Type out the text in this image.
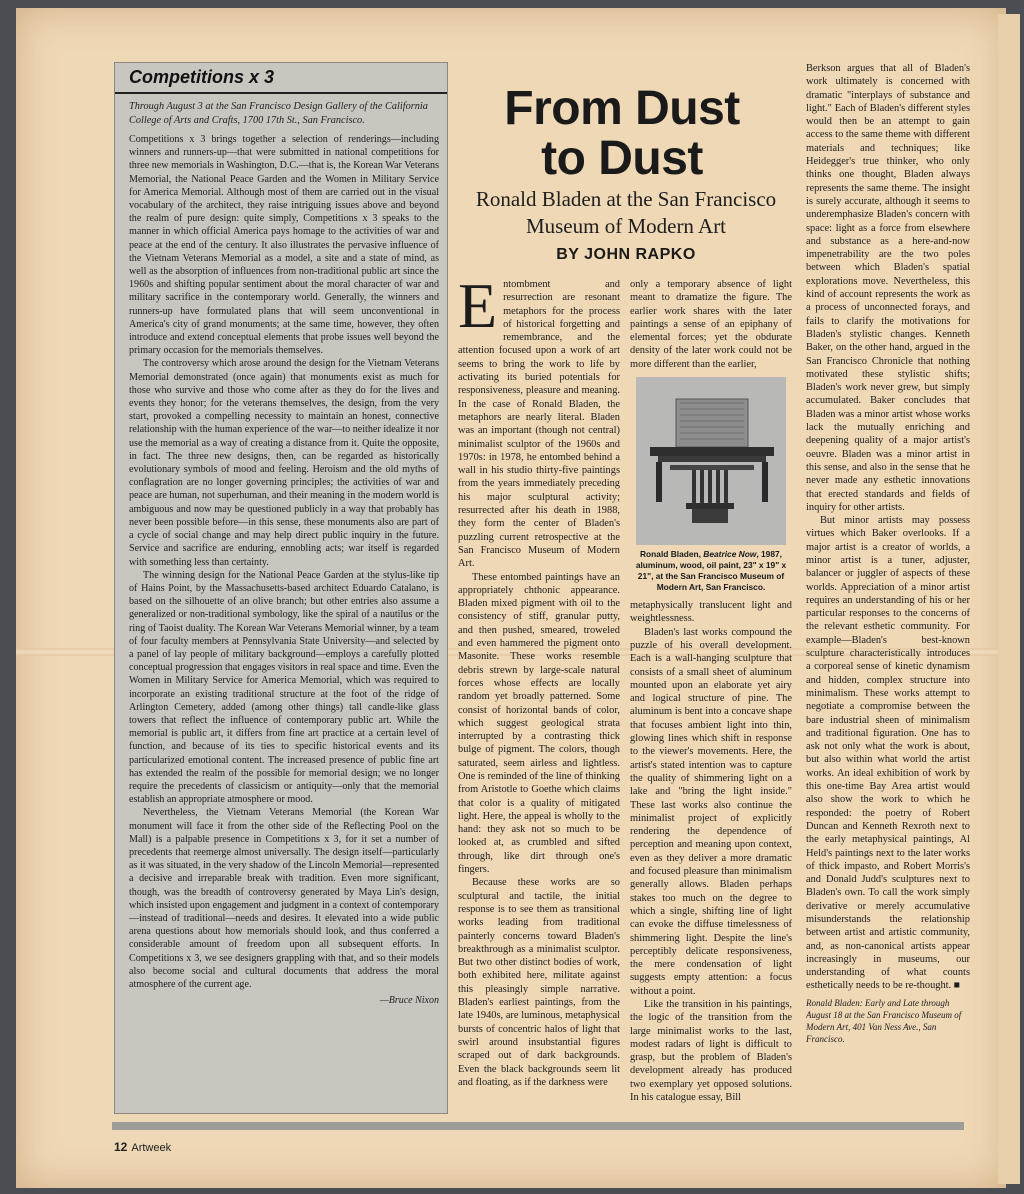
Competitions x 3
Through August 3 at the San Francisco Design Gallery of the California College of Arts and Crafts, 1700 17th St., San Francisco.

Competitions x 3 brings together a selection of renderings—including winners and runners-up—that were submitted in national competitions for three new memorials in Washington, D.C.—that is, the Korean War Veterans Memorial, the National Peace Garden and the Women in Military Service for America Memorial. Although most of them are carried out in the visual vocabulary of the architect, they raise intriguing issues above and beyond the realm of pure design: quite simply, Competitions x 3 speaks to the manner in which official America pays homage to the activities of war and peace at the end of the century. It also illustrates the pervasive influence of the Vietnam Veterans Memorial as a model, a site and a state of mind, as well as the absorption of influences from non-traditional public art since the 1960s and shifting popular sentiment about the moral character of war and military sacrifice in the contemporary world. Generally, the winners and runners-up have formulated plans that will seem unconventional in America's city of grand monuments; at the same time, however, they often introduce and extend conceptual elements that probe issues well beyond the primary occasion for the memorials themselves.

The controversy which arose around the design for the Vietnam Veterans Memorial demonstrated (once again) that monuments exist as much for those who survive and those who come after as they do for the lives and events they honor; for the veterans themselves, the design, from the very start, provoked a compelling necessity to maintain an honest, connective relationship with the human experience of the war—to neither idealize it nor use the memorial as a way of creating a distance from it. Quite the opposite, in fact. The three new designs, then, can be regarded as historically evolutionary symbols of mood and feeling. Heroism and the old myths of conflagration are no longer governing principles; the activities of war and peace are human, not superhuman, and their meaning in the modern world is ambiguous and now may be questioned publicly in a way that probably has never been possible before—in this sense, these monuments also are part of a cycle of social change and may help direct public inquiry in the future. Service and sacrifice are enduring, ennobling acts; war itself is regarded with something less than certainty.

The winning design for the National Peace Garden at the stylus-like tip of Hains Point, by the Massachusetts-based architect Eduardo Catalano, is based on the silhouette of an olive branch; but other entries also assume a generalized or non-traditional symbology, like the spiral of a nautilus or the ring of Taoist duality. The Korean War Veterans Memorial winner, by a team of four faculty members at Pennsylvania State University—and selected by a panel of lay people of military background—employs a carefully plotted conceptual progression that engages visitors in real space and time. Even the Women in Military Service for America Memorial, which was required to incorporate an existing traditional structure at the foot of the ridge of Arlington Cemetery, added (among other things) tall candle-like glass towers that reflect the influence of contemporary public art. While the memorial is public art, it differs from fine art practice at a certain level of function, and because of its ties to specific historical events and its particularized emotional content. The increased presence of public fine art has extended the realm of the possible for memorial design; we no longer require the precedents of classicism or antiquity—only that the memorial establish an appropriate atmosphere or mood.

Nevertheless, the Vietnam Veterans Memorial (the Korean War monument will face it from the other side of the Reflecting Pool on the Mall) is a palpable presence in Competitions x 3, for it set a number of precedents that reemerge almost universally. The design itself—particularly as it was situated, in the very shadow of the Lincoln Memorial—represented a decisive and irreparable break with tradition. Even more significant, though, was the breadth of controversy generated by Maya Lin's design, which insisted upon engagement and judgment in a context of contemporary—instead of traditional—needs and desires. It elevated into a wide public arena questions about how memorials should look, and thus conferred a considerable amount of freedom upon all subsequent efforts. In Competitions x 3, we see designers grappling with that, and so their models also become social and cultural documents that address the moral atmosphere of the current age.

—Bruce Nixon
From Dust
to Dust
Ronald Bladen at the San Francisco Museum of Modern Art
BY JOHN RAPKO

Entombment and resurrection are resonant metaphors for the process of historical forgetting and remembrance, and the attention focused upon a work of art seems to bring the work to life by activating its buried potentials for responsiveness, pleasure and meaning. In the case of Ronald Bladen, the metaphors are nearly literal. Bladen was an important (though not central) minimalist sculptor of the 1960s and 1970s: in 1978, he entombed behind a wall in his studio thirty-five paintings from the years immediately preceding his major sculptural activity; resurrected after his death in 1988, they form the center of Bladen's puzzling current retrospective at the San Francisco Museum of Modern Art.

These entombed paintings have an appropriately chthonic appearance. Bladen mixed pigment with oil to the consistency of stiff, granular putty, and then pushed, smeared, troweled and even hammered the pigment onto Masonite. These works resemble debris strewn by large-scale natural forces whose effects are locally random yet broadly patterned. Some consist of horizontal bands of color, which suggest geological strata interrupted by a contrasting thick bulge of pigment. The colors, though saturated, seem airless and lightless. One is reminded of the line of thinking from Aristotle to Goethe which claims that color is a quality of mitigated light. Here, the appeal is wholly to the hand: they ask not so much to be looked at, as crumbled and sifted through, like dirt through one's fingers.

Because these works are so sculptural and tactile, the initial response is to see them as transitional works leading from traditional painterly concerns toward Bladen's breakthrough as a minimalist sculptor. But two other distinct bodies of work, both exhibited here, militate against this pleasingly simple narrative. Bladen's earliest paintings, from the late 1940s, are luminous, metaphysical bursts of concentric halos of light that swirl around insubstantial figures scraped out of dark backgrounds. Even the black backgrounds seem lit and floating, as if the darkness were

only a temporary absence of light meant to dramatize the figure. The earlier work shares with the later paintings a sense of an epiphany of elemental forces; yet the obdurate density of the later work could not be more different than the earlier,

Ronald Bladen, Beatrice Now, 1987, aluminum, wood, oil paint, 23" x 19" x 21", at the San Francisco Museum of Modern Art, San Francisco.

metaphysically translucent light and weightlessness.

Bladen's last works compound the puzzle of his overall development. Each is a wall-hanging sculpture that consists of a small sheet of aluminum mounted upon an elaborate yet airy and logical structure of pine. The aluminum is bent into a concave shape that focuses ambient light into thin, glowing lines which shift in response to the viewer's movements. Here, the artist's stated intention was to capture the quality of shimmering light on a lake and "bring the light inside." These last works also continue the minimalist project of explicitly rendering the dependence of perception and meaning upon context, even as they deliver a more dramatic and focused pleasure than minimalism generally allows. Bladen perhaps stakes too much on the degree to which a single, shifting line of light can evoke the diffuse timelessness of shimmering light. Despite the line's perceptibly delicate responsiveness, the mere condensation of light suggests empty attention: a focus without a point.

Like the transition in his paintings, the logic of the transition from the large minimalist works to the last, modest radars of light is difficult to grasp, but the problem of Bladen's development already has produced two exemplary yet opposed solutions. In his catalogue essay, Bill

Berkson argues that all of Bladen's work ultimately is concerned with dramatic "interplays of substance and light." Each of Bladen's different styles would then be an attempt to gain access to the same theme with different materials and techniques; like Heidegger's true thinker, who only thinks one thought, Bladen always represents the same theme. The insight is surely accurate, although it seems to underemphasize Bladen's concern with space: light as a force from elsewhere and substance as a here-and-now impenetrability are the two poles between which Bladen's spatial explorations move. Nevertheless, this kind of account represents the work as a process of unconnected forays, and fails to clarify the motivations for Bladen's stylistic changes. Kenneth Baker, on the other hand, argued in the San Francisco Chronicle that nothing motivated these stylistic shifts; Bladen's work never grew, but simply accumulated. Baker concludes that Bladen was a minor artist whose works lack the mutually enriching and deepening quality of a major artist's oeuvre. Bladen was a minor artist in this sense, and also in the sense that he never made any esthetic innovations that erected standards and fields of inquiry for other artists.

But minor artists may possess virtues which Baker overlooks. If a major artist is a creator of worlds, a minor artist is a tuner, adjuster, balancer or juggler of aspects of these worlds. Appreciation of a minor artist requires an understanding of his or her particular responses to the concerns of the relevant esthetic community. For example—Bladen's best-known sculpture characteristically introduces a corporeal sense of kinetic dynamism and hidden, complex structure into minimalism. These works attempt to negotiate a compromise between the bare industrial sheen of minimalism and traditional figuration. One has to ask not only what the work is about, but also within what world the artist works. An ideal exhibition of work by this one-time Bay Area artist would also show the work to which he responded: the poetry of Robert Duncan and Kenneth Rexroth next to the early metaphysical paintings, Al Held's paintings next to the later works of thick impasto, and Robert Morris's and Donald Judd's sculptures next to Bladen's own. To call the work simply derivative or merely accumulative misunderstands the relationship between artist and artistic community, and, as non-canonical artists appear increasingly in museums, our understanding of what counts esthetically needs to be re-thought. ■

Ronald Bladen: Early and Late through August 18 at the San Francisco Museum of Modern Art, 401 Van Ness Ave., San Francisco.
12 Artweek
